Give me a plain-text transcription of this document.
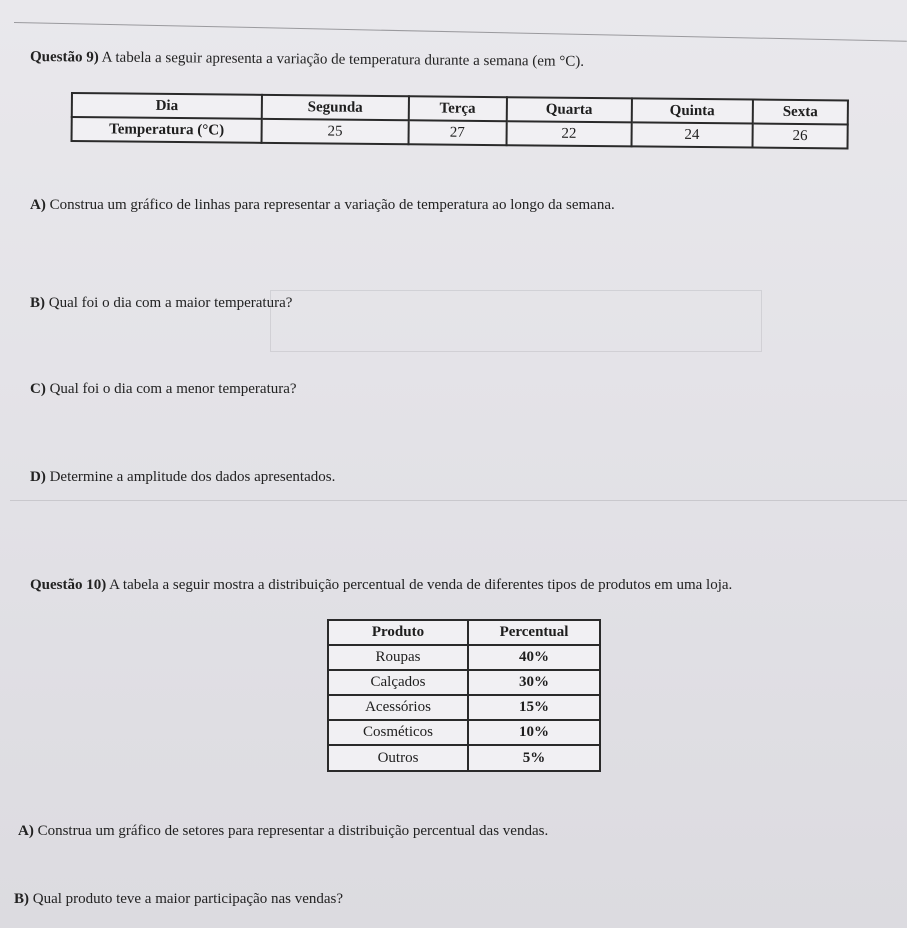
Questão 9) A tabela a seguir apresenta a variação de temperatura durante a semana (em °C).
Dia	Segunda	Terça	Quarta	Quinta	Sexta
Temperatura (°C)	25	27	22	24	26
A) Construa um gráfico de linhas para representar a variação de temperatura ao longo da semana.
B) Qual foi o dia com a maior temperatura?
C) Qual foi o dia com a menor temperatura?
D) Determine a amplitude dos dados apresentados.
Questão 10) A tabela a seguir mostra a distribuição percentual de venda de diferentes tipos de produtos em uma loja.
Produto	Percentual
Roupas	40%
Calçados	30%
Acessórios	15%
Cosméticos	10%
Outros	5%
A) Construa um gráfico de setores para representar a distribuição percentual das vendas.
B) Qual produto teve a maior participação nas vendas?
